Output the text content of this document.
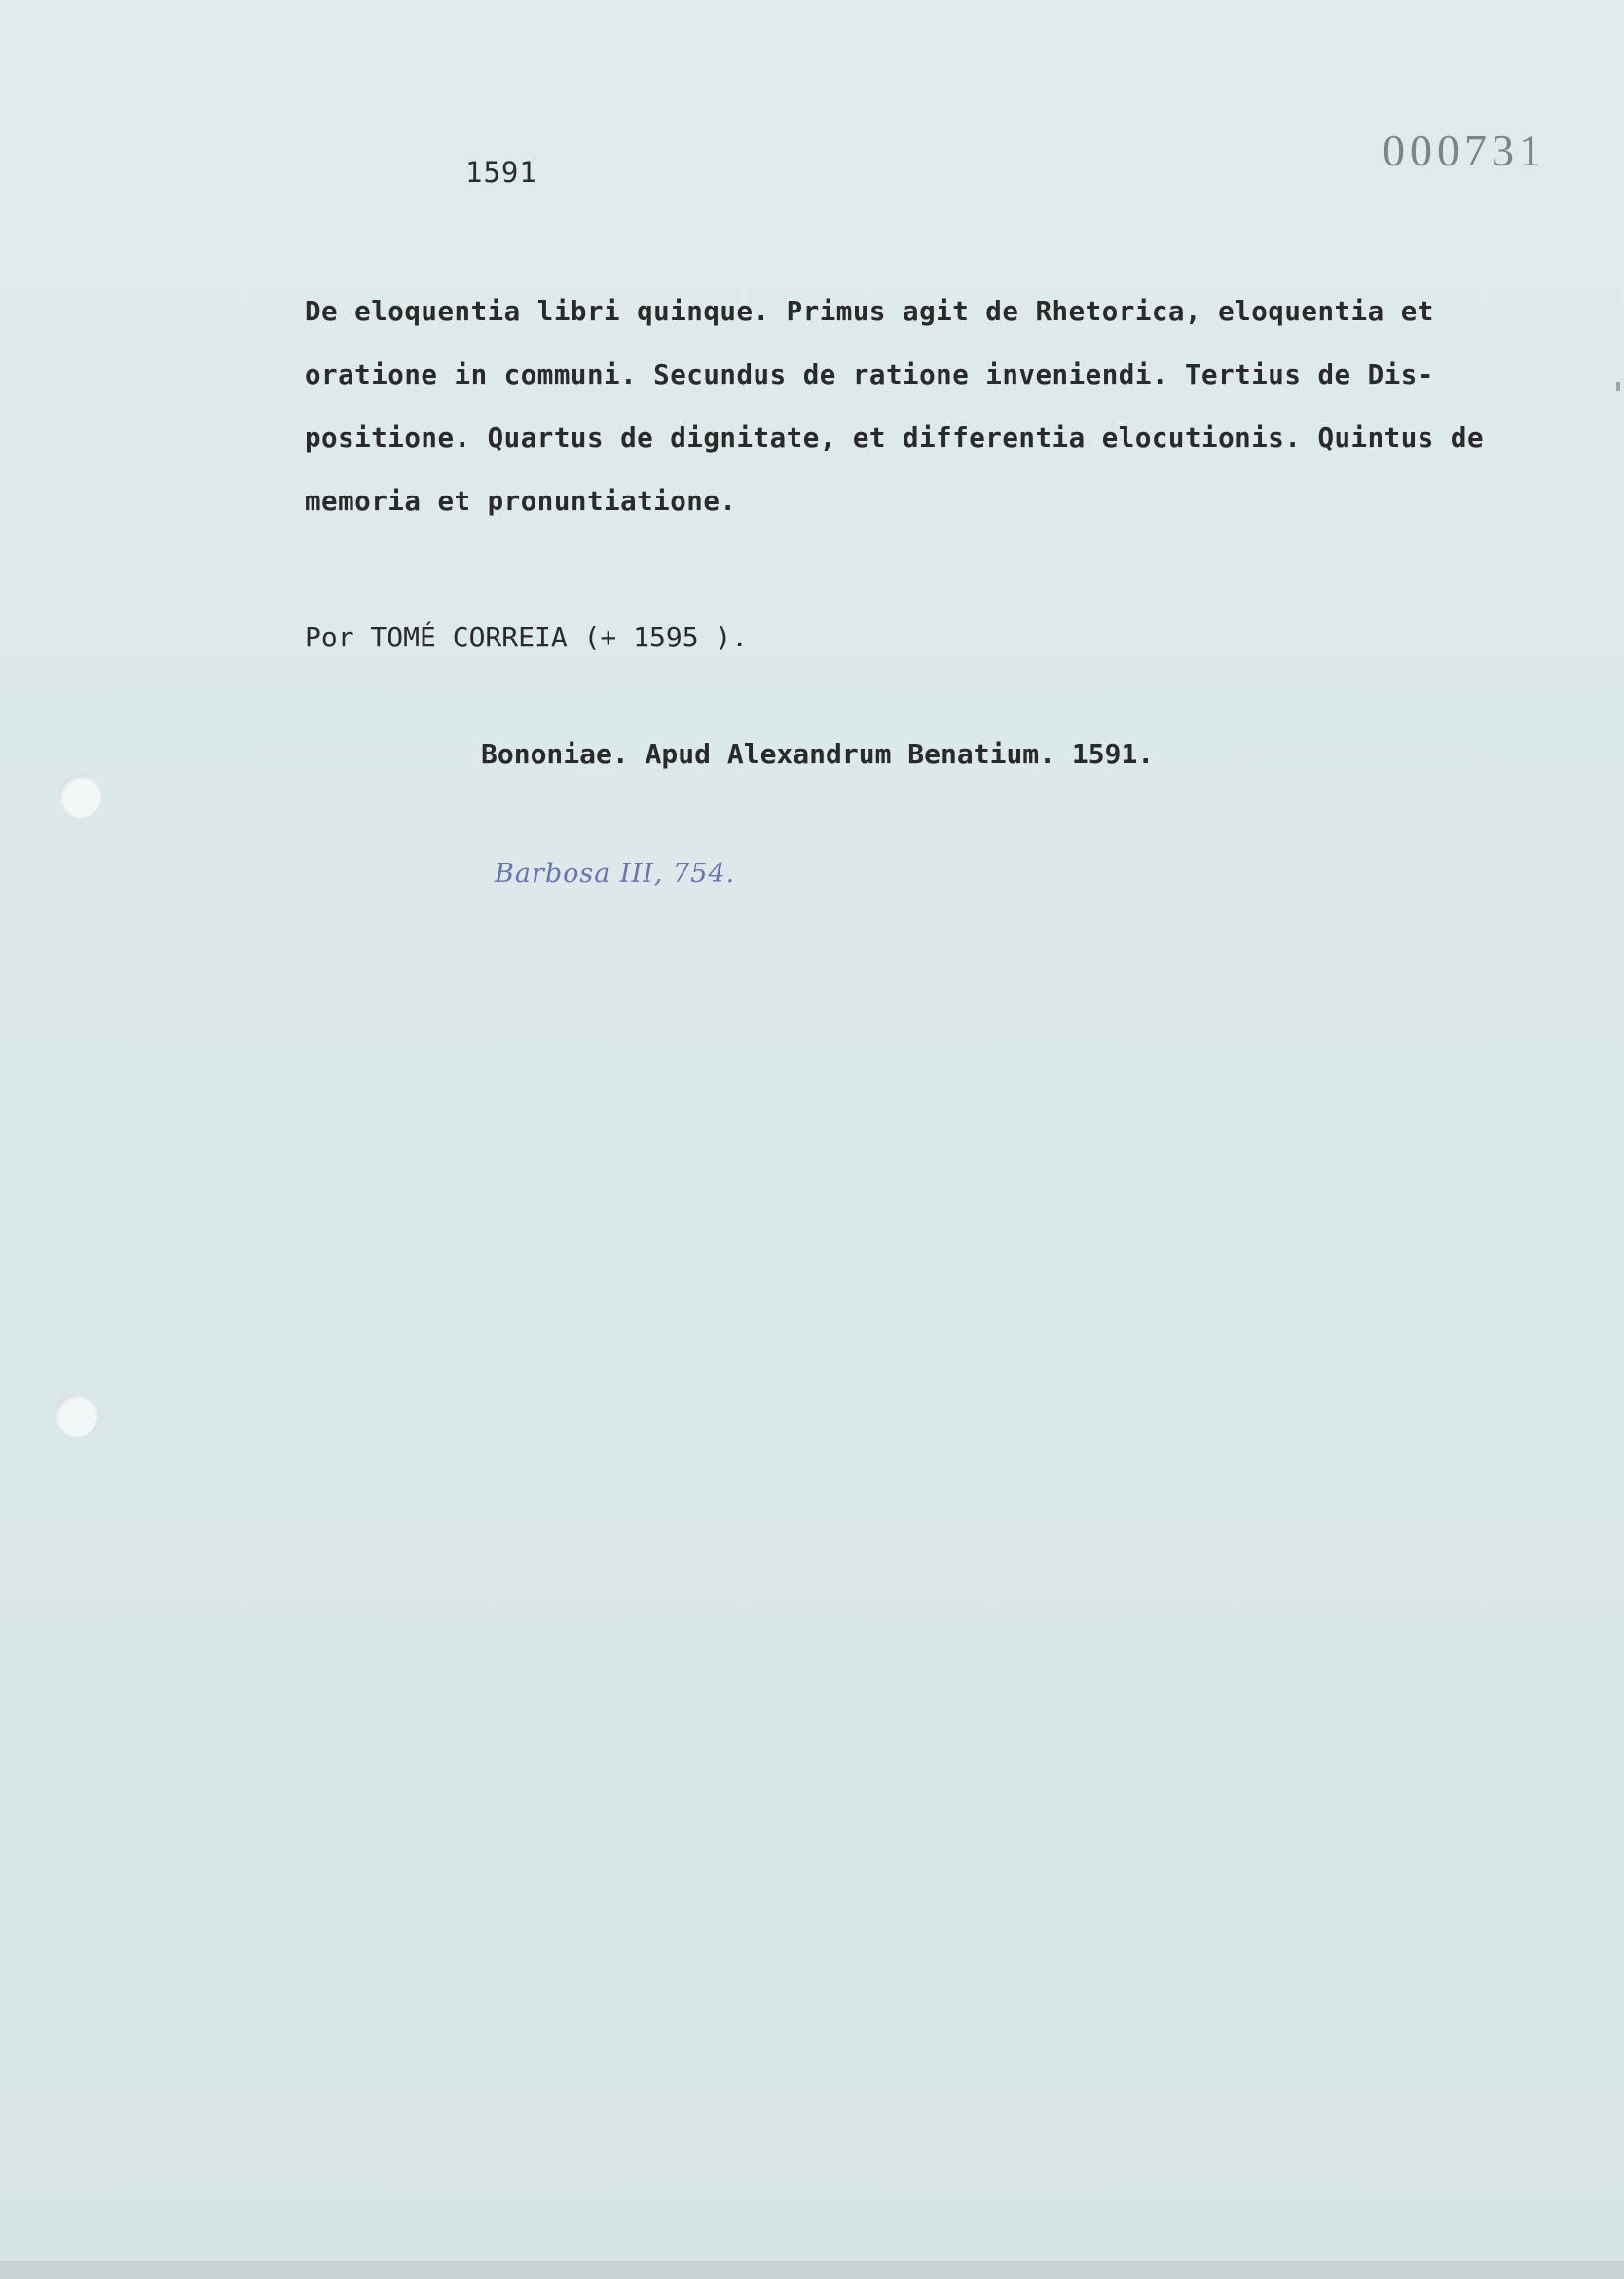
1591	000731
De eloquentia libri quinque. Primus agit de Rhetorica, eloquentia et
oratione in communi. Secundus de ratione inveniendi. Tertius de Dis-
positione. Quartus de dignitate, et differentia elocutionis. Quintus de
memoria et pronuntiatione.
Por TOMÉ CORREIA (+ 1595 ).
Bononiae. Apud Alexandrum Benatium. 1591.
Barbosa III, 754.
